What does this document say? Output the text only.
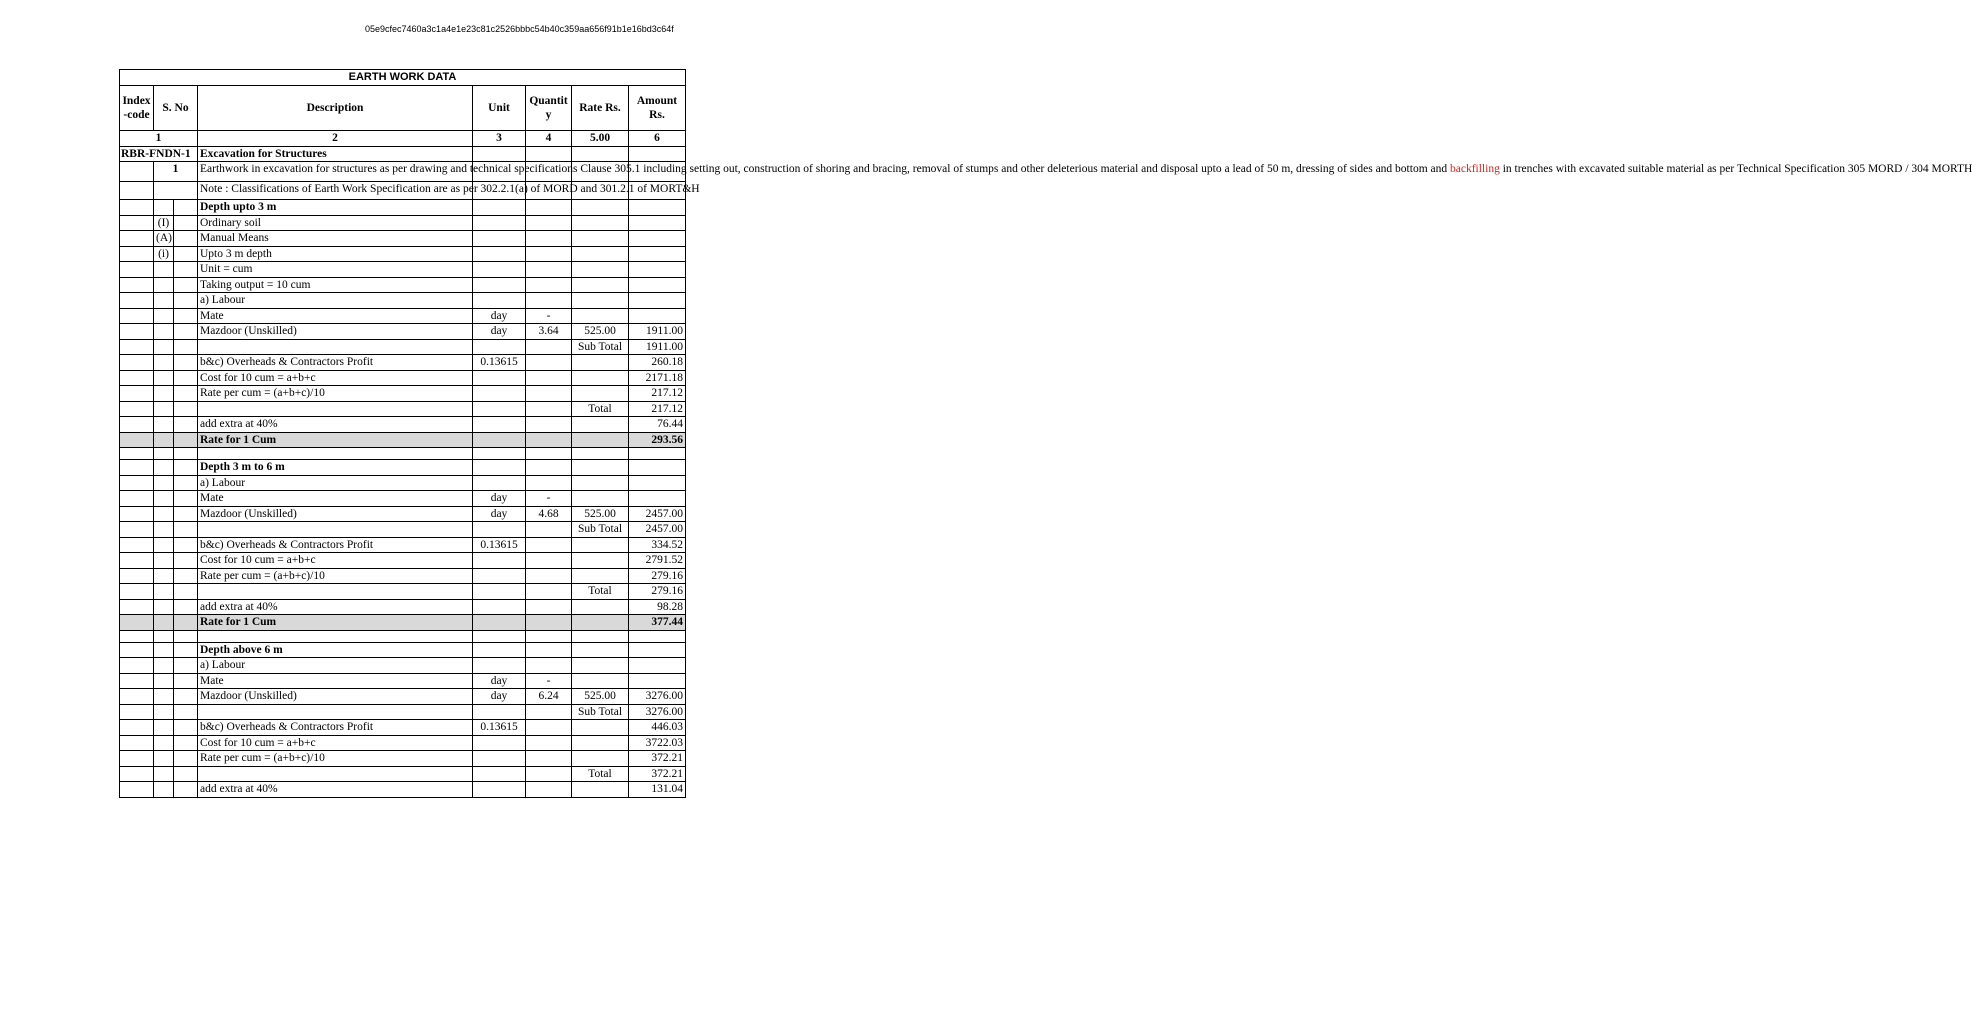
05e9cfec7460a3c1a4e1e23c81c2526bbbc54b40c359aa656f91b1e16bd3c64f
EARTH WORK DATA							
Index -code	S. No		Description	Unit	Quantit y	Rate Rs.	Amount Rs.
1			2	3	4	5.00	6
RBR-FNDN-1			Excavation for Structures				
	1		Earthwork in excavation for structures as per drawing and technical specifications Clause 305.1 including setting out, construction of shoring and bracing, removal of stumps and other deleterious material and disposal upto a lead of 50 m, dressing of sides and bottom and backfilling in trenches with excavated suitable material as per Technical Specification 305 MORD / 304 MORTH				
			Note : Classifications of Earth Work Specification are as per 302.2.1(a) of MORD and 301.2.1 of MORT&H				
			Depth upto 3 m				
	(I)		Ordinary soil				
	(A)		Manual Means				
	(i)		Upto 3 m depth				
			Unit = cum				
			Taking output = 10 cum				
			a) Labour				
			Mate	day	-		
			Mazdoor (Unskilled)	day	3.64	525.00	1911.00
						Sub Total	1911.00
			b&c) Overheads & Contractors Profit	0.13615			260.18
			Cost for 10 cum = a+b+c				2171.18
			Rate per cum = (a+b+c)/10				217.12
						Total	217.12
			add extra at 40%				76.44
			Rate for 1 Cum				293.56

			Depth 3 m to 6 m				
			a) Labour				
			Mate	day	-		
			Mazdoor (Unskilled)	day	4.68	525.00	2457.00
						Sub Total	2457.00
			b&c) Overheads & Contractors Profit	0.13615			334.52
			Cost for 10 cum = a+b+c				2791.52
			Rate per cum = (a+b+c)/10				279.16
						Total	279.16
			add extra at 40%				98.28
			Rate for 1 Cum				377.44

			Depth above 6 m				
			a) Labour				
			Mate	day	-		
			Mazdoor (Unskilled)	day	6.24	525.00	3276.00
						Sub Total	3276.00
			b&c) Overheads & Contractors Profit	0.13615			446.03
			Cost for 10 cum = a+b+c				3722.03
			Rate per cum = (a+b+c)/10				372.21
						Total	372.21
			add extra at 40%				131.04
